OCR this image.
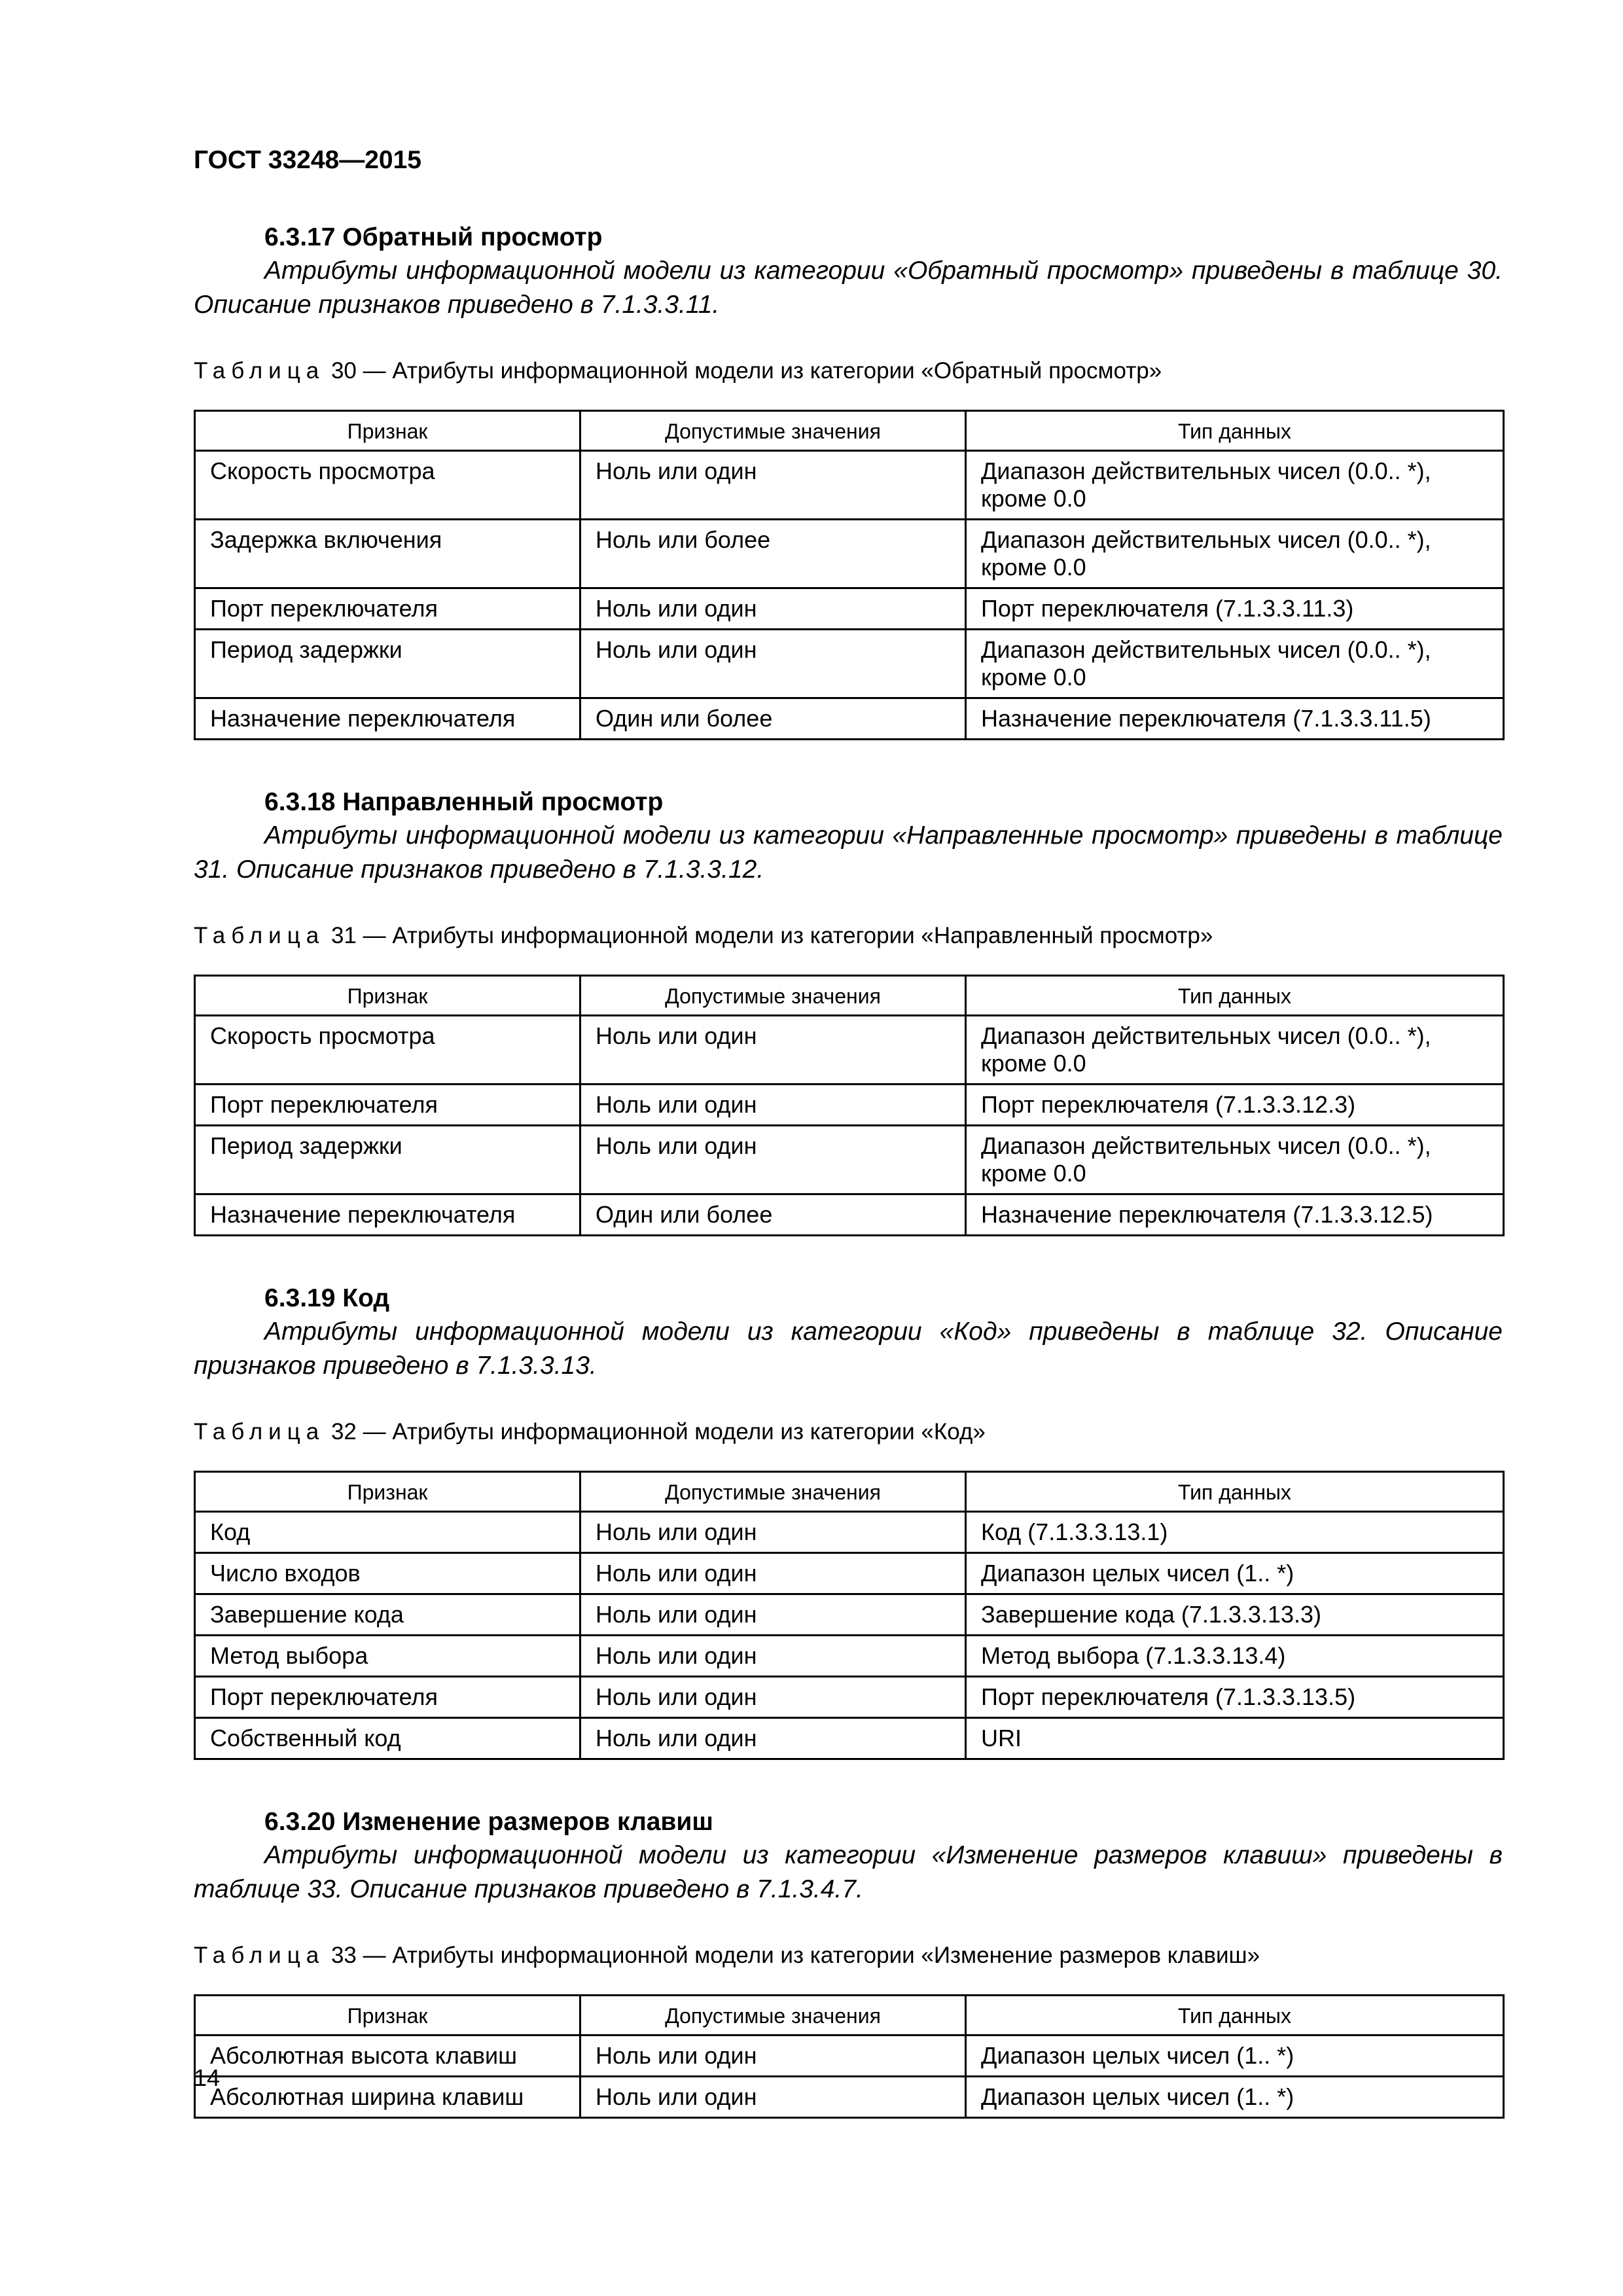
ГОСТ 33248—2015
6.3.17 Обратный просмотр
Атрибуты информационной модели из категории «Обратный просмотр» приведены в таблице 30. Описание признаков приведено в 7.1.3.3.11.
Таблица 30 — Атрибуты информационной модели из категории «Обратный просмотр»
Признак	Допустимые значения	Тип данных
Скорость просмотра	Ноль или один	Диапазон действительных чисел (0.0.. *), кроме 0.0
Задержка включения	Ноль или более	Диапазон действительных чисел (0.0.. *), кроме 0.0
Порт переключателя	Ноль или один	Порт переключателя (7.1.3.3.11.3)
Период задержки	Ноль или один	Диапазон действительных чисел (0.0.. *), кроме 0.0
Назначение переключателя	Один или более	Назначение переключателя (7.1.3.3.11.5)
6.3.18 Направленный просмотр
Атрибуты информационной модели из категории «Направленные просмотр» приведены в таблице 31. Описание признаков приведено в 7.1.3.3.12.
Таблица 31 — Атрибуты информационной модели из категории «Направленный просмотр»
Признак	Допустимые значения	Тип данных
Скорость просмотра	Ноль или один	Диапазон действительных чисел (0.0.. *), кроме 0.0
Порт переключателя	Ноль или один	Порт переключателя (7.1.3.3.12.3)
Период задержки	Ноль или один	Диапазон действительных чисел (0.0.. *), кроме 0.0
Назначение переключателя	Один или более	Назначение переключателя (7.1.3.3.12.5)
6.3.19 Код
Атрибуты информационной модели из категории «Код» приведены в таблице 32. Описание признаков приведено в 7.1.3.3.13.
Таблица 32 — Атрибуты информационной модели из категории «Код»
Признак	Допустимые значения	Тип данных
Код	Ноль или один	Код (7.1.3.3.13.1)
Число входов	Ноль или один	Диапазон целых чисел (1.. *)
Завершение кода	Ноль или один	Завершение кода (7.1.3.3.13.3)
Метод выбора	Ноль или один	Метод выбора (7.1.3.3.13.4)
Порт переключателя	Ноль или один	Порт переключателя (7.1.3.3.13.5)
Собственный код	Ноль или один	URI
6.3.20 Изменение размеров клавиш
Атрибуты информационной модели из категории «Изменение размеров клавиш» приведены в таблице 33. Описание признаков приведено в 7.1.3.4.7.
Таблица 33 — Атрибуты информационной модели из категории «Изменение размеров клавиш»
Признак	Допустимые значения	Тип данных
Абсолютная высота клавиш	Ноль или один	Диапазон целых чисел (1.. *)
Абсолютная ширина клавиш	Ноль или один	Диапазон целых чисел (1.. *)
14
